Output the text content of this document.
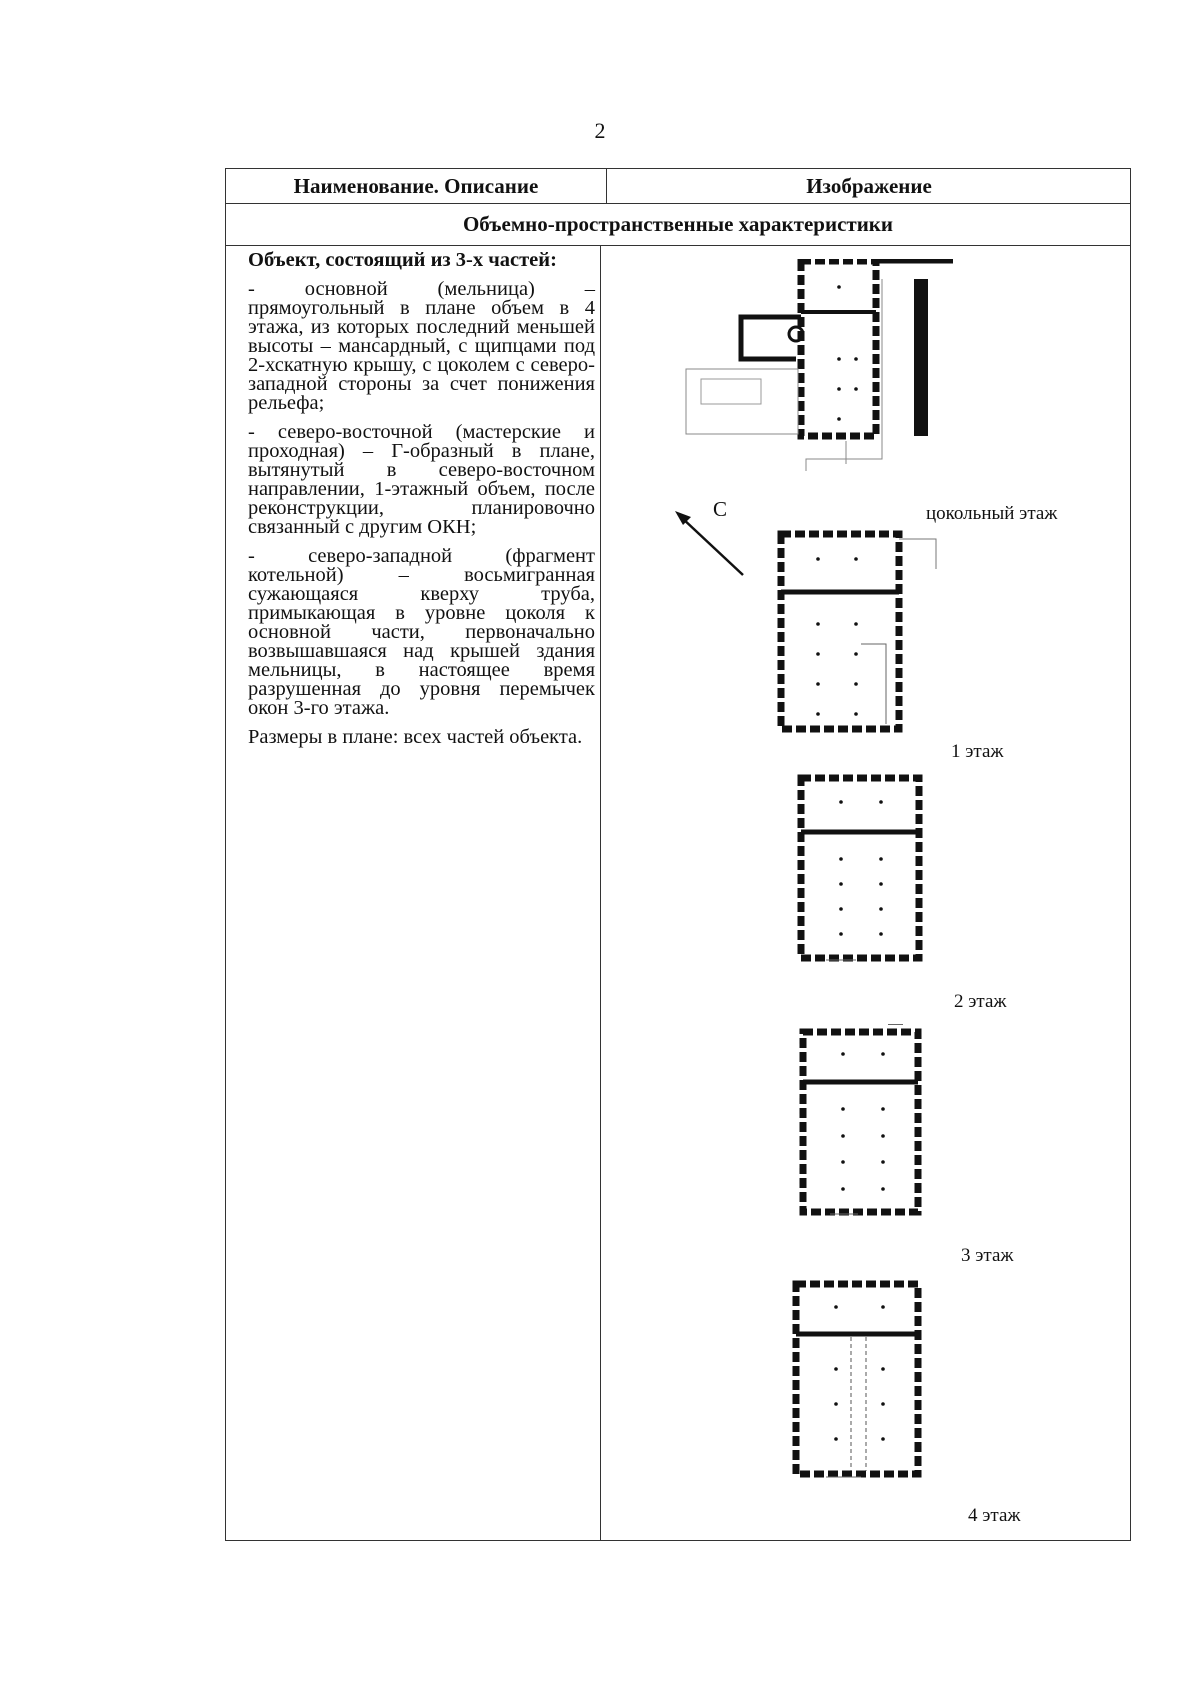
2
Наименование. Описание	Изображение
Объемно-пространственные характеристики

Объект, состоящий из 3-х частей:

- основной (мельница) – прямоугольный в плане объем в 4 этажа, из которых последний меньшей высоты – мансардный, с щипцами под 2-хскатную крышу, с цоколем с северо-западной стороны за счет понижения рельефа;

- северо-восточной (мастерские и проходная) – Г-образный в плане, вытянутый в северо-восточном направлении, 1-этажный объем, после реконструкции, планировочно связанный с другим ОКН;

- северо-западной (фрагмент котельной) – восьмигранная сужающаяся кверху труба, примыкающая в уровне цоколя к основной части, первоначально возвышавшаяся над крышей здания мельницы, в настоящее время разрушенная до уровня перемычек окон 3-го этажа.

Размеры в плане: всех частей объекта.

С	цокольный этаж
1 этаж
2 этаж
3 этаж
4 этаж
